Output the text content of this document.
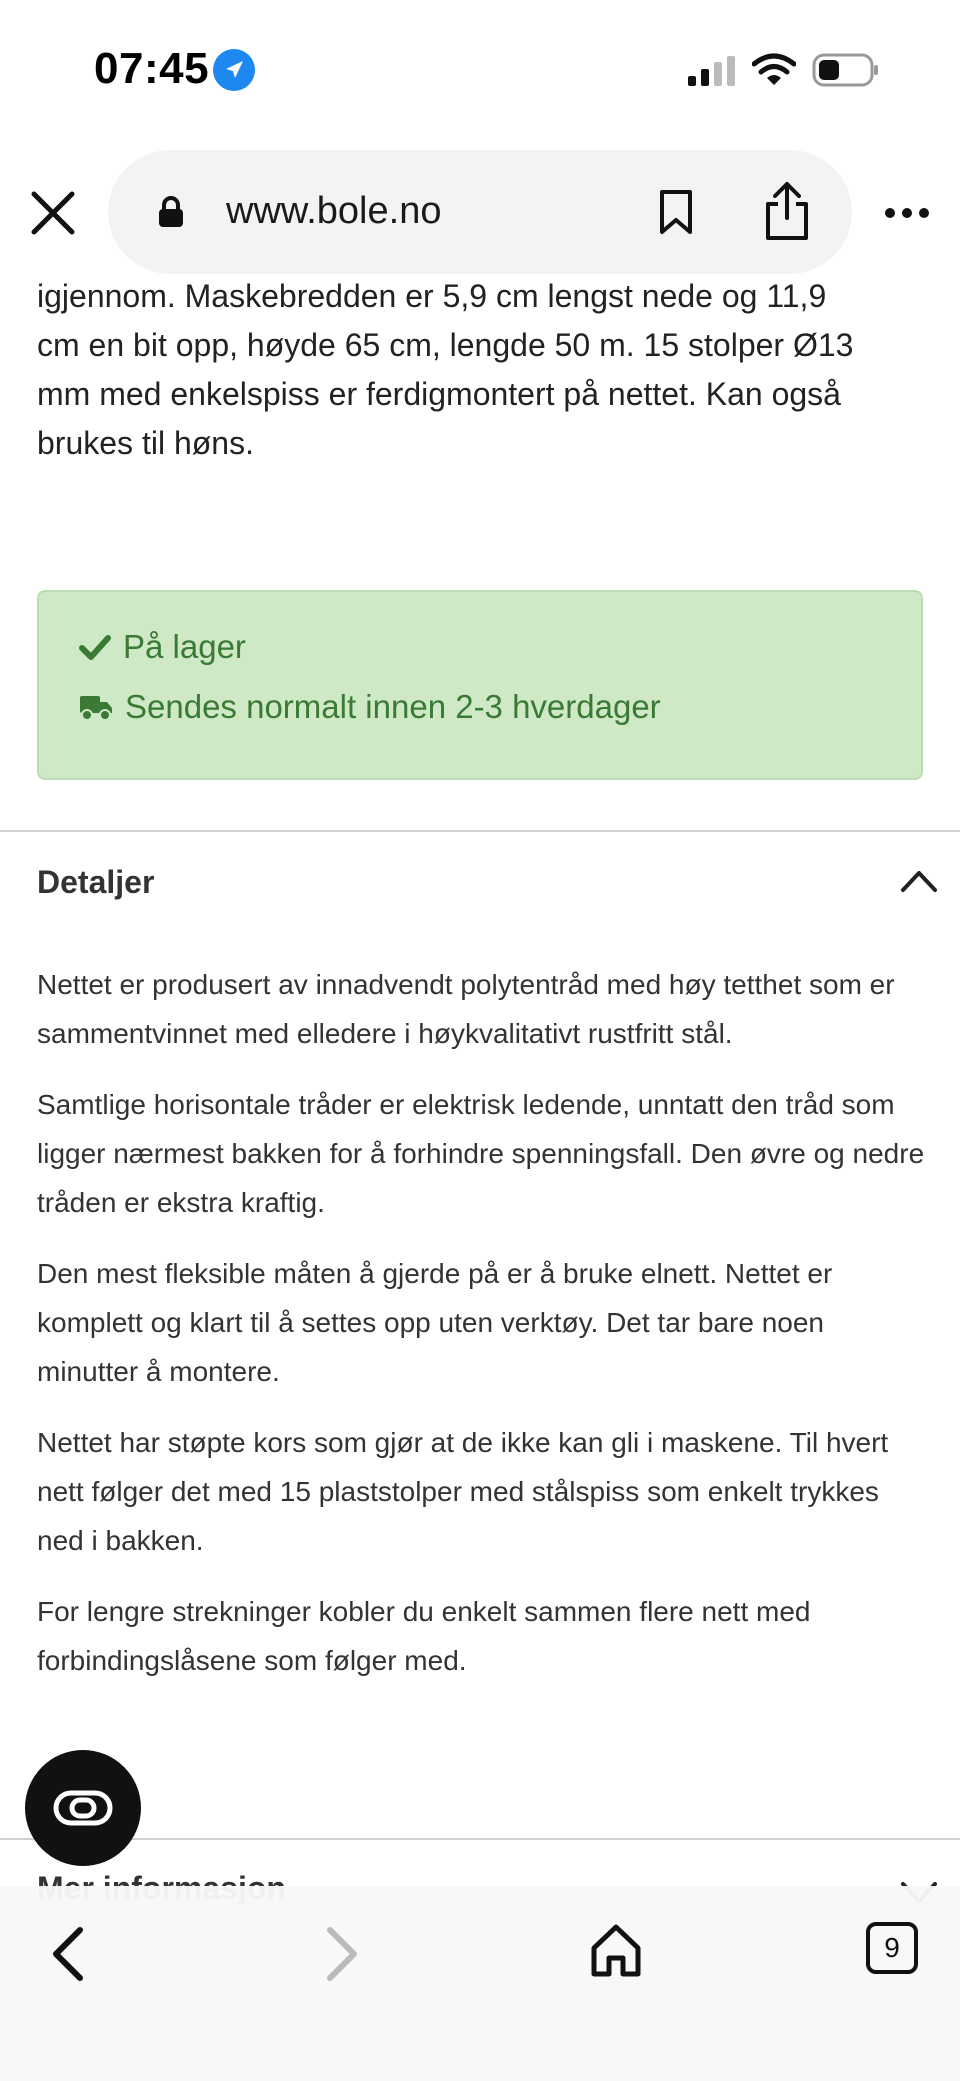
07:45
www.bole.no
igjennom. Maskebredden er 5,9 cm lengst nede og 11,9
cm en bit opp, høyde 65 cm, lengde 50 m. 15 stolper Ø13
mm med enkelspiss er ferdigmontert på nettet. Kan også
brukes til høns.
På lager
Sendes normalt innen 2-3 hverdager
Detaljer

Nettet er produsert av innadvendt polytentråd med høy tetthet som er sammentvinnet med elledere i høykvalitativt rustfritt stål.

Samtlige horisontale tråder er elektrisk ledende, unntatt den tråd som ligger nærmest bakken for å forhindre spenningsfall. Den øvre og nedre tråden er ekstra kraftig.

Den mest fleksible måten å gjerde på er å bruke elnett. Nettet er komplett og klart til å settes opp uten verktøy. Det tar bare noen minutter å montere.

Nettet har støpte kors som gjør at de ikke kan gli i maskene. Til hvert nett følger det med 15 plaststolper med stålspiss som enkelt trykkes ned i bakken.

For lengre strekninger kobler du enkelt sammen flere nett med forbindingslåsene som følger med.

9
